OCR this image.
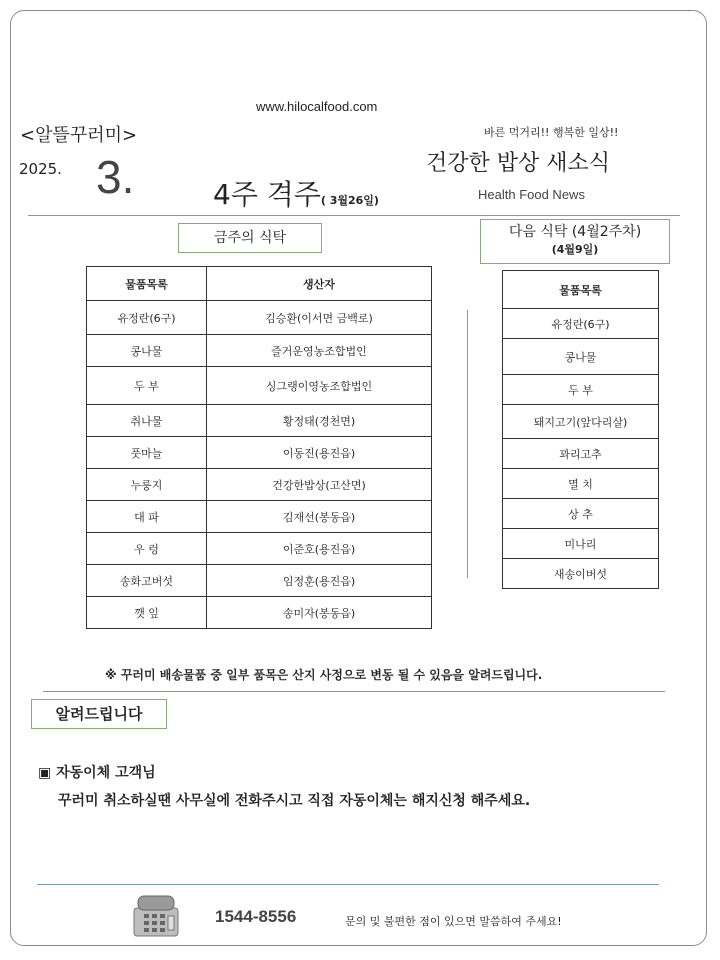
www.hilocalfood.com
<알뜰꾸러미>
2025. 3.	4주 격주( 3월26일)
바른 먹거리!! 행복한 일상!!
건강한 밥상 새소식
Health Food News
금주의 식탁
물품목록	생산자
유정란(6구)	김승환(이서면 금백로)
콩나물	즐거운영농조합법인
두 부	싱그랭이영농조합법인
취나물	황정태(경천면)
풋마늘	이동진(용진읍)
누룽지	건강한밥상(고산면)
대 파	김재선(봉동읍)
우 렁	이준호(용진읍)
송화고버섯	임정훈(용진읍)
깻 잎	송미자(봉동읍)
다음 식탁 (4월2주차)
(4월9일)
물품목록
유정란(6구)
콩나물
두 부
돼지고기(앞다리살)
꽈리고추
멸 치
상 추
미나리
새송이버섯
※ 꾸러미 배송물품 중 일부 품목은 산지 사정으로 변동 될 수 있음을 알려드립니다.
알려드립니다
▣ 자동이체 고객님
꾸러미 취소하실땐 사무실에 전화주시고 직접 자동이체는 해지신청 해주세요.
1544-8556	문의 및 불편한 점이 있으면 말씀하여 주세요!
